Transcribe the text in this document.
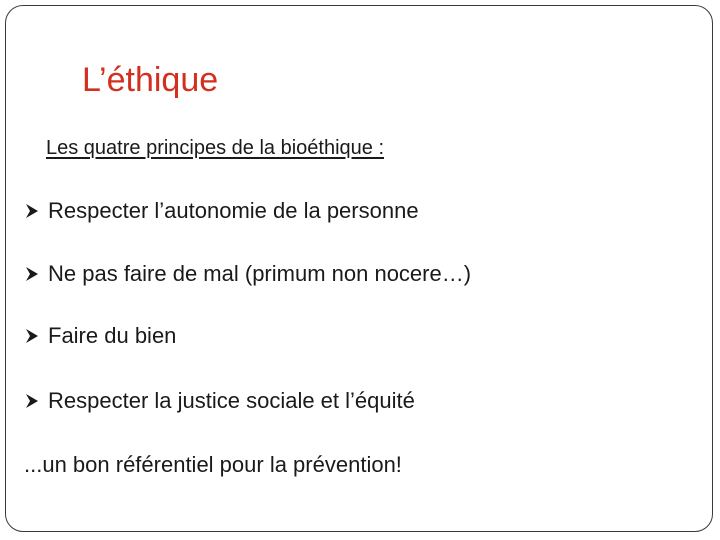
L’éthique
Les quatre principes de la bioéthique :
Respecter l’autonomie de la personne
Ne pas faire de mal (primum non nocere…)
Faire du bien
Respecter la justice sociale et l’équité
...un bon référentiel pour la prévention!
